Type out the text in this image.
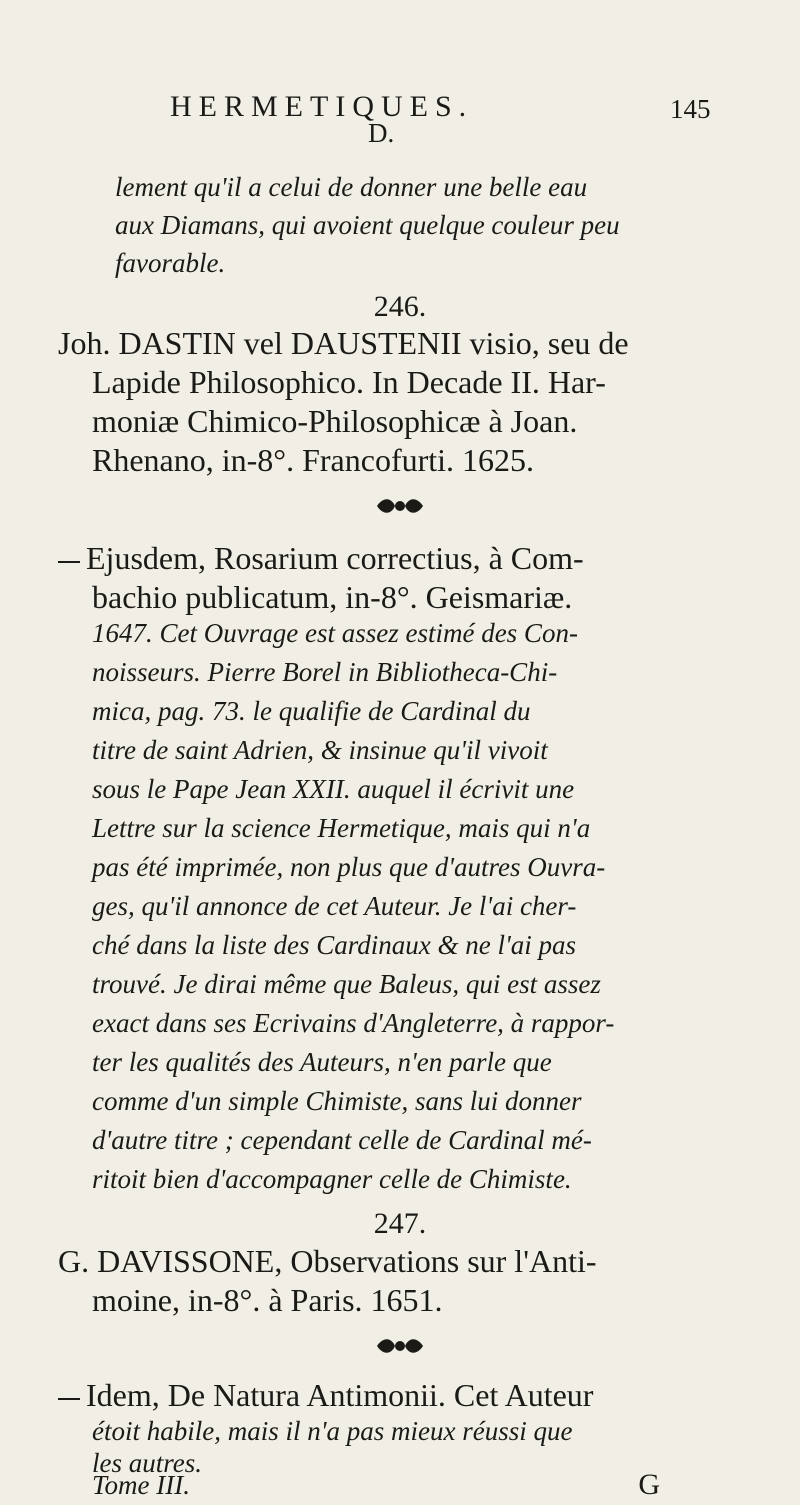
HERMETIQUES.
D.
145
lement qu'il a celui de donner une belle eau
aux Diamans, qui avoient quelque couleur peu
favorable.
246.
Joh. DASTIN vel DAUSTENII visio, seu de
Lapide Philosophico. In Decade II. Har-
moniæ Chimico-Philosophicæ à Joan.
Rhenano, in-8°. Francofurti. 1625.
Ejusdem, Rosarium correctius, à Com-
bachio publicatum, in-8°. Geismariæ.
1647. Cet Ouvrage est assez estimé des Con-
noisseurs. Pierre Borel in Bibliotheca-Chi-
mica, pag. 73. le qualifie de Cardinal du
titre de saint Adrien, & insinue qu'il vivoit
sous le Pape Jean XXII. auquel il écrivit une
Lettre sur la science Hermetique, mais qui n'a
pas été imprimée, non plus que d'autres Ouvra-
ges, qu'il annonce de cet Auteur. Je l'ai cher-
ché dans la liste des Cardinaux & ne l'ai pas
trouvé. Je dirai même que Baleus, qui est assez
exact dans ses Ecrivains d'Angleterre, à rappor-
ter les qualités des Auteurs, n'en parle que
comme d'un simple Chimiste, sans lui donner
d'autre titre ; cependant celle de Cardinal mé-
ritoit bien d'accompagner celle de Chimiste.
247.
G. DAVISSONE, Observations sur l'Anti-
moine, in-8°. à Paris. 1651.
Idem, De Natura Antimonii. Cet Auteur
étoit habile, mais il n'a pas mieux réussi que
les autres.
Tome III.	G
